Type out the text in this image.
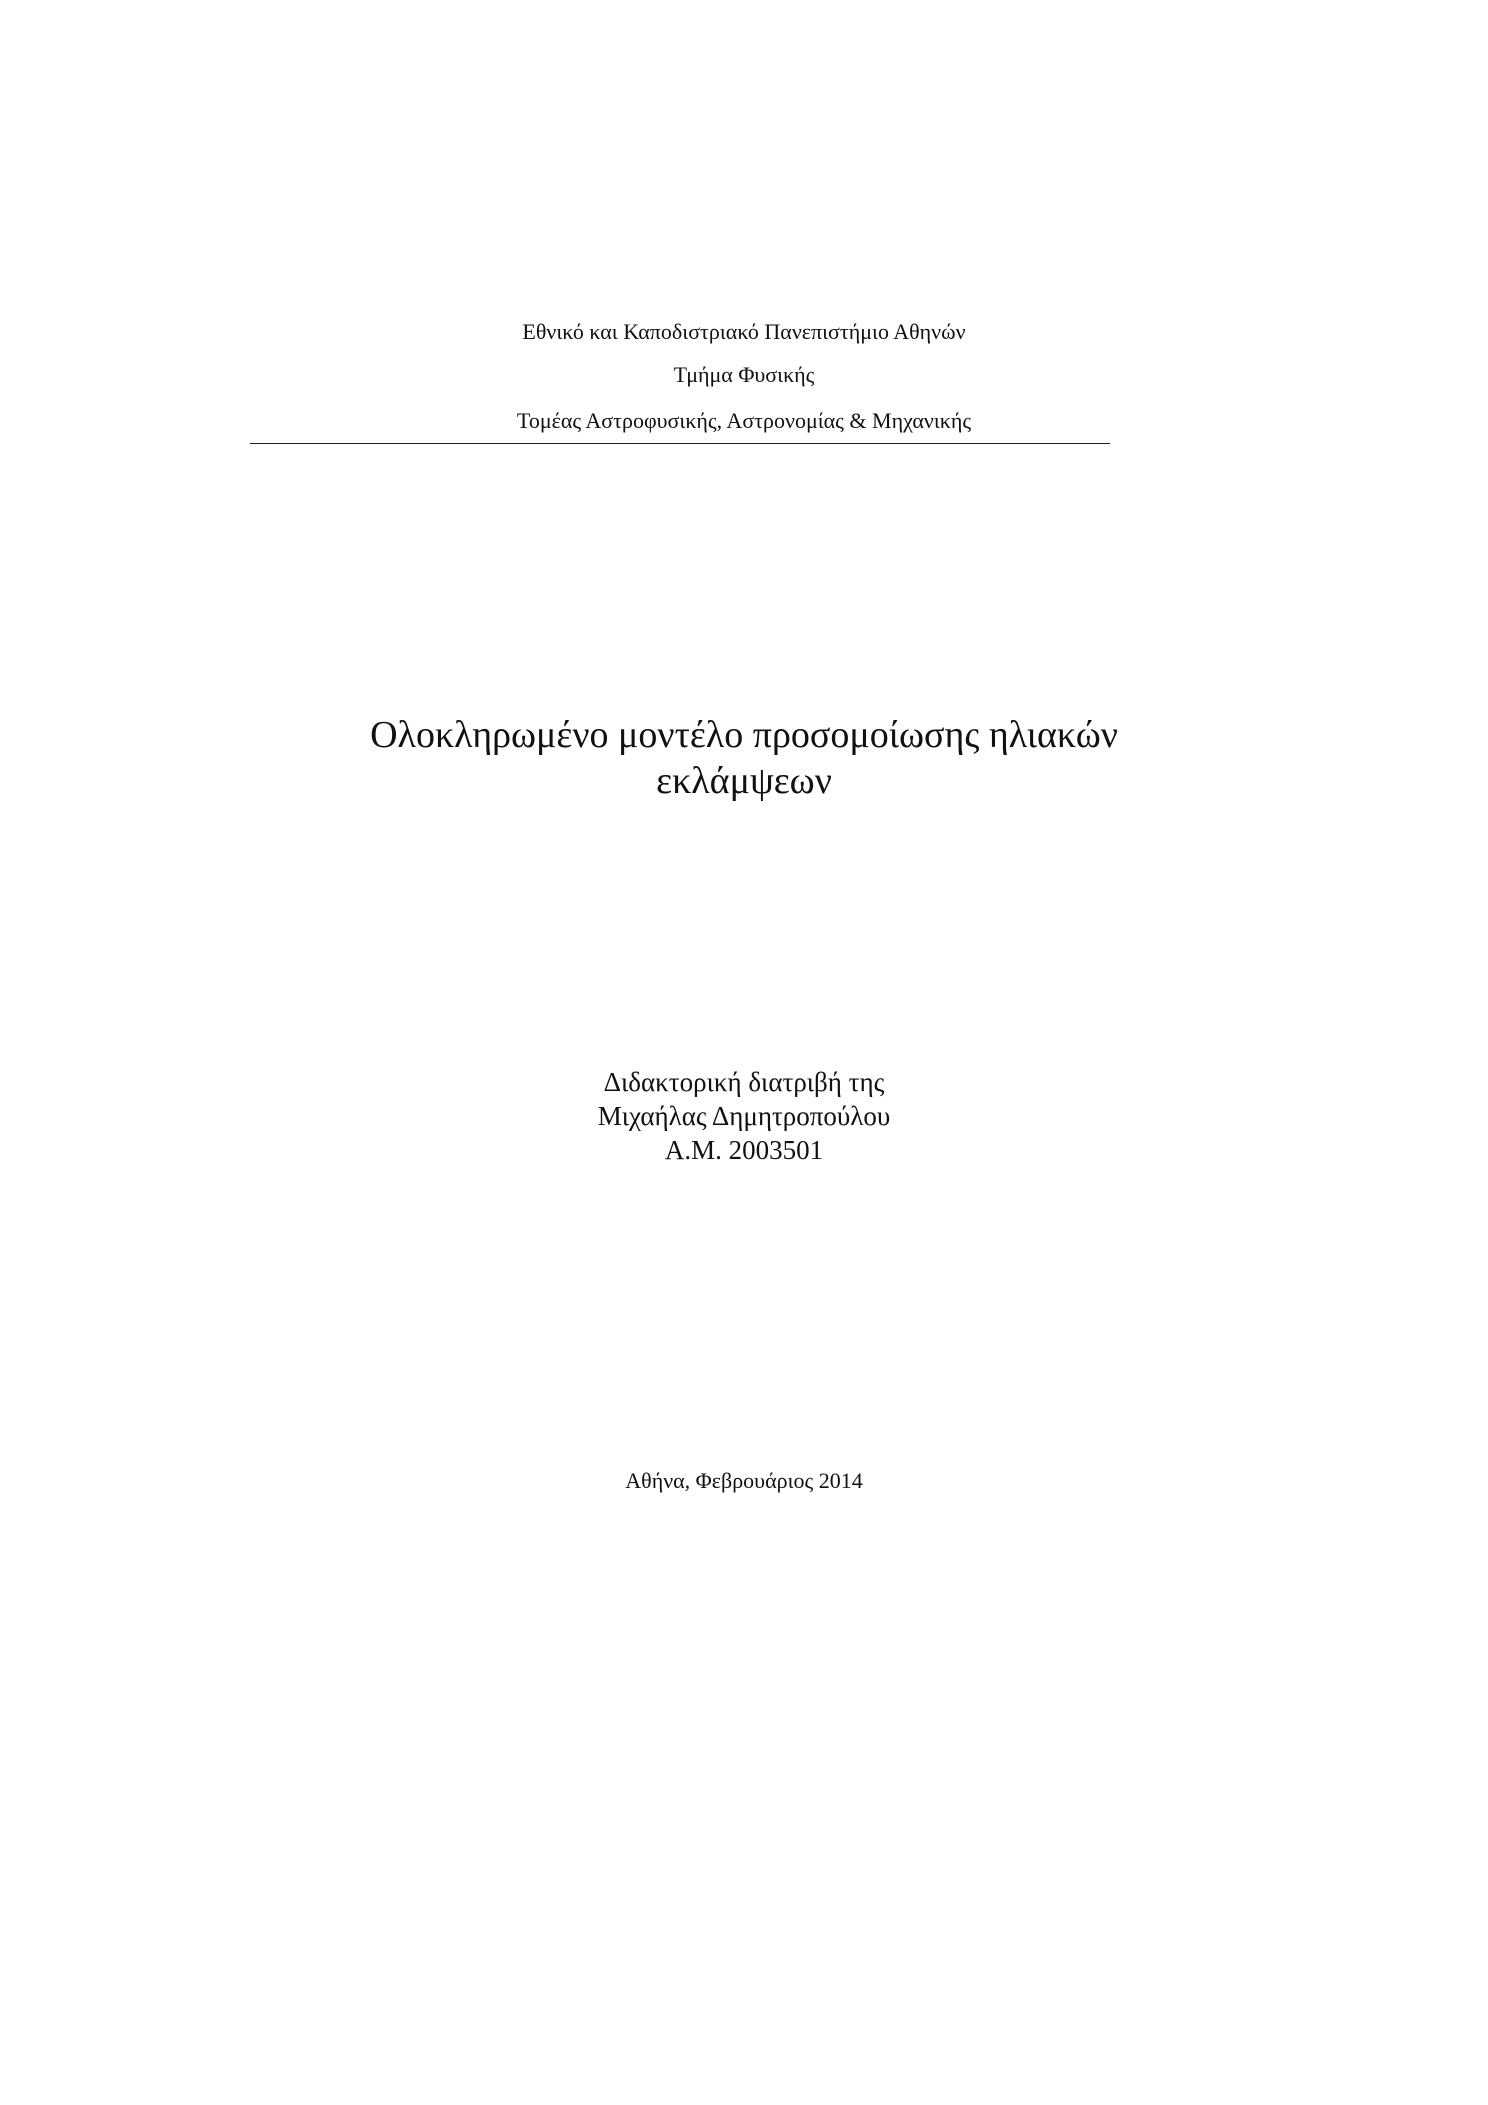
Εθνικό και Καποδιστριακό Πανεπιστήμιο Αθηνών
Τμήμα Φυσικής
Τομέας Αστροφυσικής, Αστρονομίας & Μηχανικής
Ολοκληρωμένο μοντέλο προσομοίωσης ηλιακών
εκλάμψεων
Διδακτορική διατριβή της
Μιχαήλας Δημητροπούλου
Α.Μ. 2003501
Αθήνα, Φεβρουάριος 2014
